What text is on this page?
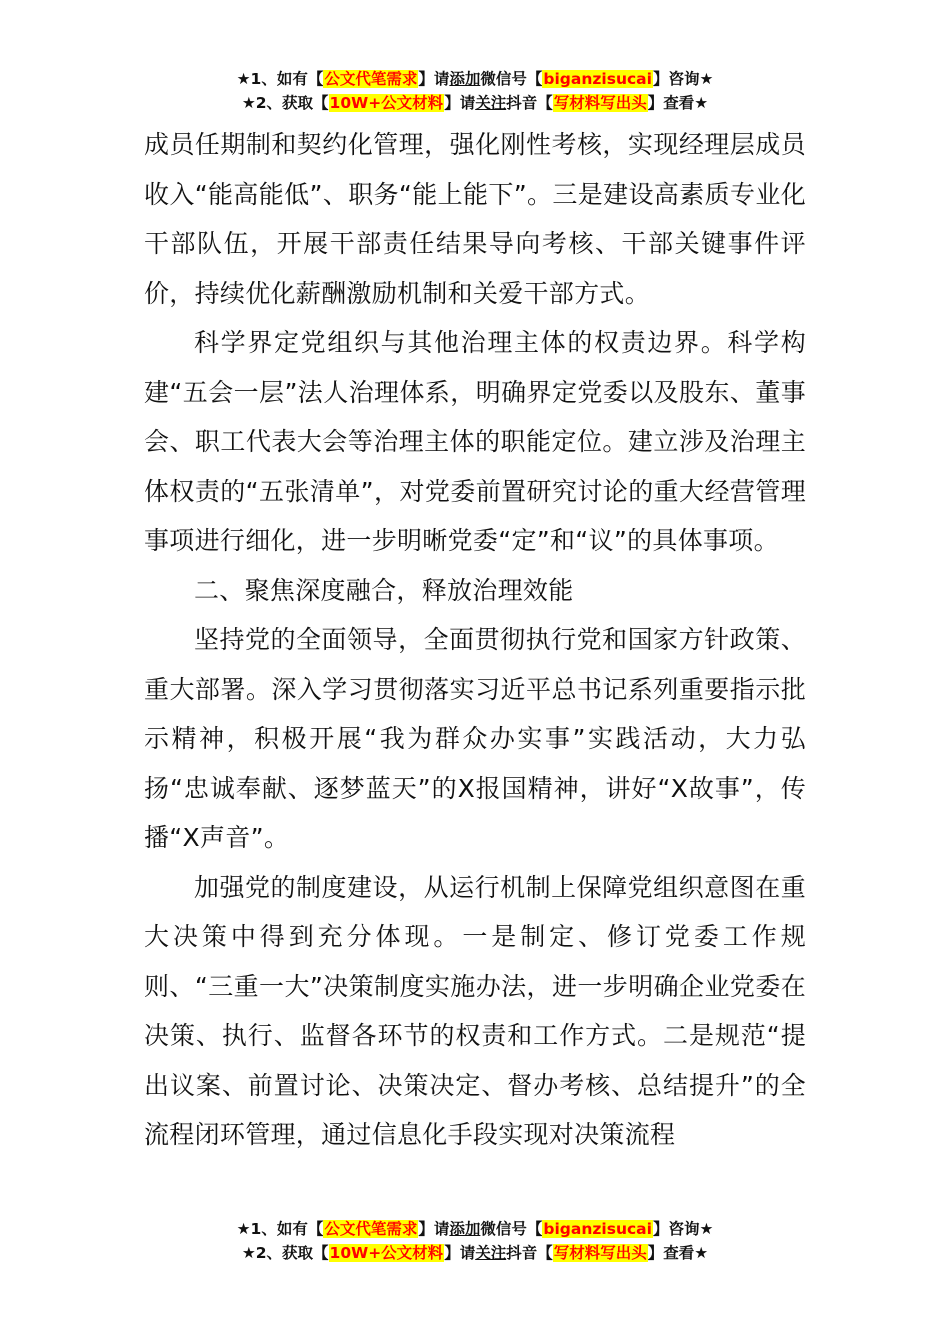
★1、如有【公文代笔需求】请添加微信号【biganzisucai】咨询★
★2、获取【10W+公文材料】请关注抖音【写材料写出头】查看★

成员任期制和契约化管理，强化刚性考核，实现经理层成员收入“能高能低”、职务“能上能下”。三是建设高素质专业化干部队伍，开展干部责任结果导向考核、干部关键事件评价，持续优化薪酬激励机制和关爱干部方式。

科学界定党组织与其他治理主体的权责边界。科学构建“五会一层”法人治理体系，明确界定党委以及股东、董事会、职工代表大会等治理主体的职能定位。建立涉及治理主体权责的“五张清单”，对党委前置研究讨论的重大经营管理事项进行细化，进一步明晰党委“定”和“议”的具体事项。

二、聚焦深度融合，释放治理效能

坚持党的全面领导，全面贯彻执行党和国家方针政策、重大部署。深入学习贯彻落实习近平总书记系列重要指示批示精神，积极开展“我为群众办实事”实践活动，大力弘扬“忠诚奉献、逐梦蓝天”的X报国精神，讲好“X故事”，传播“X声音”。

加强党的制度建设，从运行机制上保障党组织意图在重大决策中得到充分体现。一是制定、修订党委工作规则、“三重一大”决策制度实施办法，进一步明确企业党委在决策、执行、监督各环节的权责和工作方式。二是规范“提出议案、前置讨论、决策决定、督办考核、总结提升”的全流程闭环管理，通过信息化手段实现对决策流程

★1、如有【公文代笔需求】请添加微信号【biganzisucai】咨询★
★2、获取【10W+公文材料】请关注抖音【写材料写出头】查看★
